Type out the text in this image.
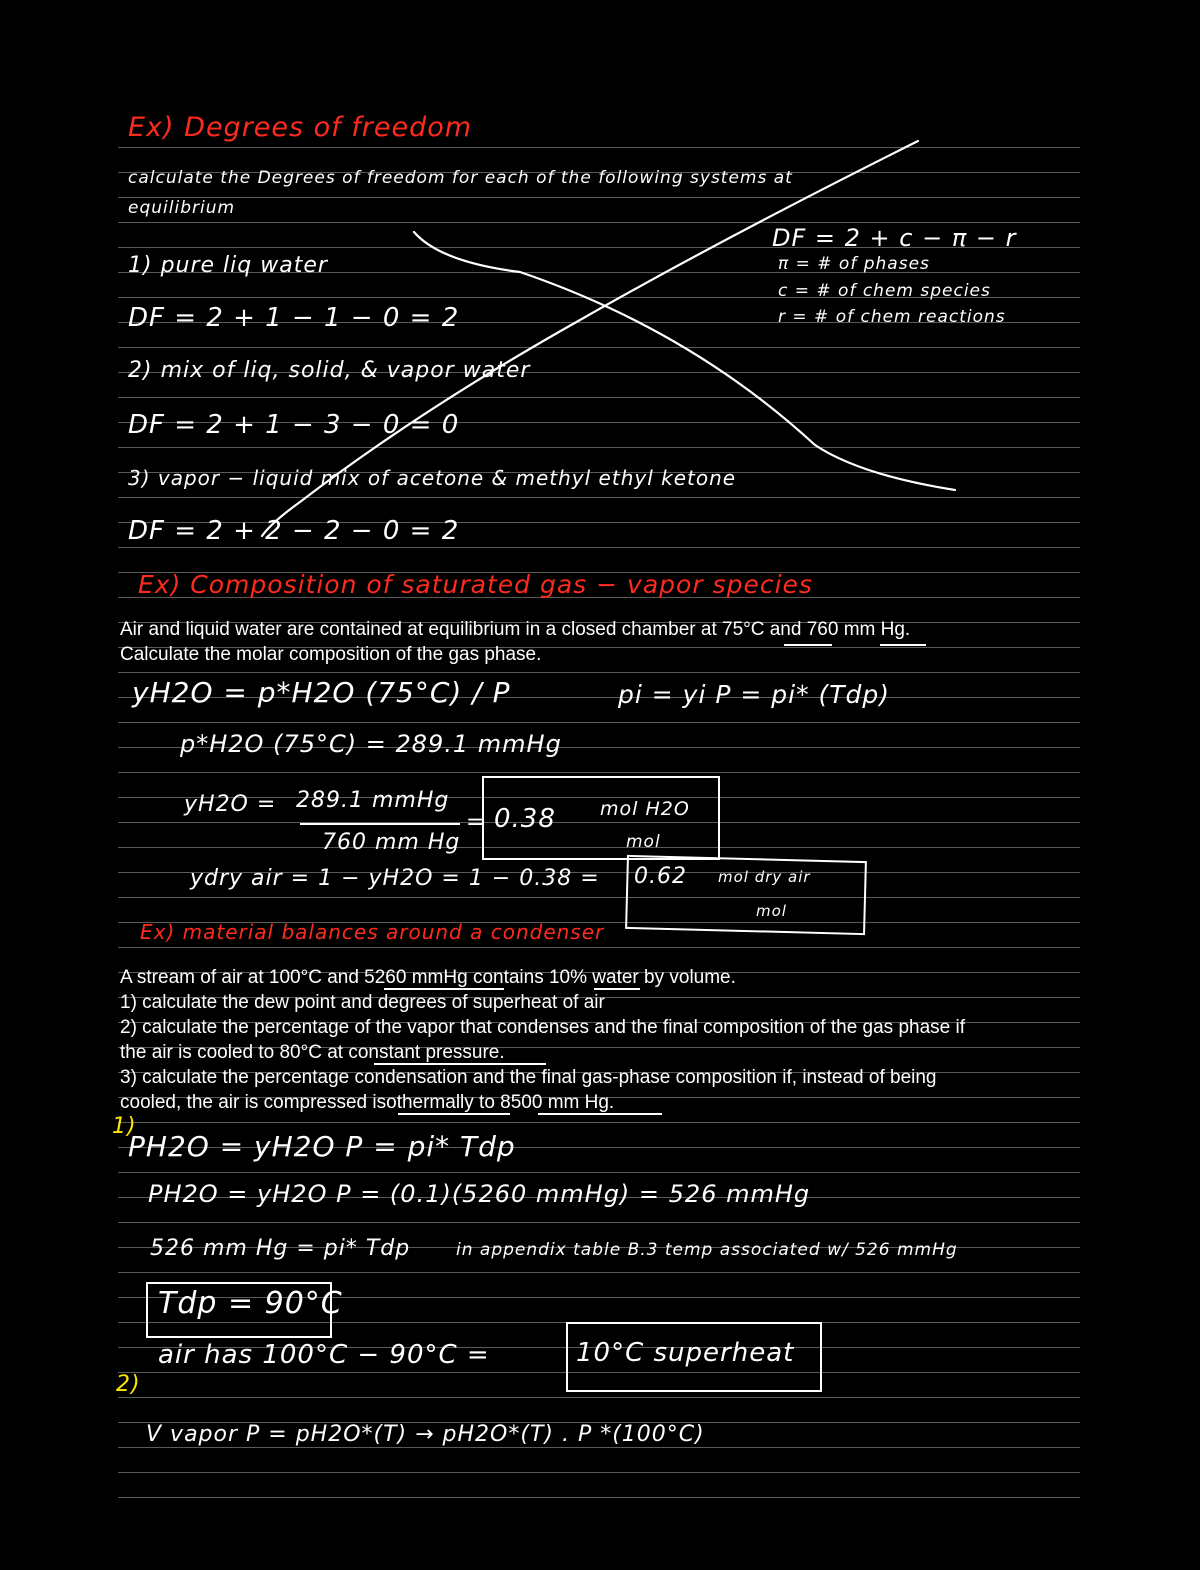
Ex) Degrees of freedom
calculate the Degrees of freedom for each of the following systems at
equilibrium
DF = 2 + c − π − r
π = # of phases
c = # of chem species
r = # of chem reactions
1) pure liq water
DF = 2 + 1 − 1 − 0 = 2
2) mix of liq, solid, & vapor water
DF = 2 + 1 − 3 − 0 = 0
3) vapor − liquid mix of acetone & methyl ethyl ketone
DF = 2 + 2 − 2 − 0 = 2
Ex) Composition of saturated gas − vapor species
Air and liquid water are contained at equilibrium in a closed chamber at 75°C and 760 mm Hg.
Calculate the molar composition of the gas phase.
yH2O = p*H2O (75°C) / P	pi = yi P = pi* (Tdp)
p*H2O (75°C) = 289.1 mmHg
yH2O = 289.1 mmHg
760 mm Hg
= 0.38 mol H2O
mol
ydry air = 1 − yH2O = 1 − 0.38 = 0.62 mol dry air
mol
Ex) material balances around a condenser
A stream of air at 100°C and 5260 mmHg contains 10% water by volume.
1) calculate the dew point and degrees of superheat of air
2) calculate the percentage of the vapor that condenses and the final composition of the gas phase if
the air is cooled to 80°C at constant pressure.
3) calculate the percentage condensation and the final gas-phase composition if, instead of being
cooled, the air is compressed isothermally to 8500 mm Hg.
1)
PH2O = yH2O P = pi* Tdp
PH2O = yH2O P = (0.1)(5260 mmHg) = 526 mmHg
526 mm Hg = pi* Tdp	in appendix table B.3 temp associated w/ 526 mmHg
Tdp = 90°C
air has 100°C − 90°C =	10°C superheat
2)
V vapor P = pH2O*(T) → pH2O*(T) . P *(100°C)
